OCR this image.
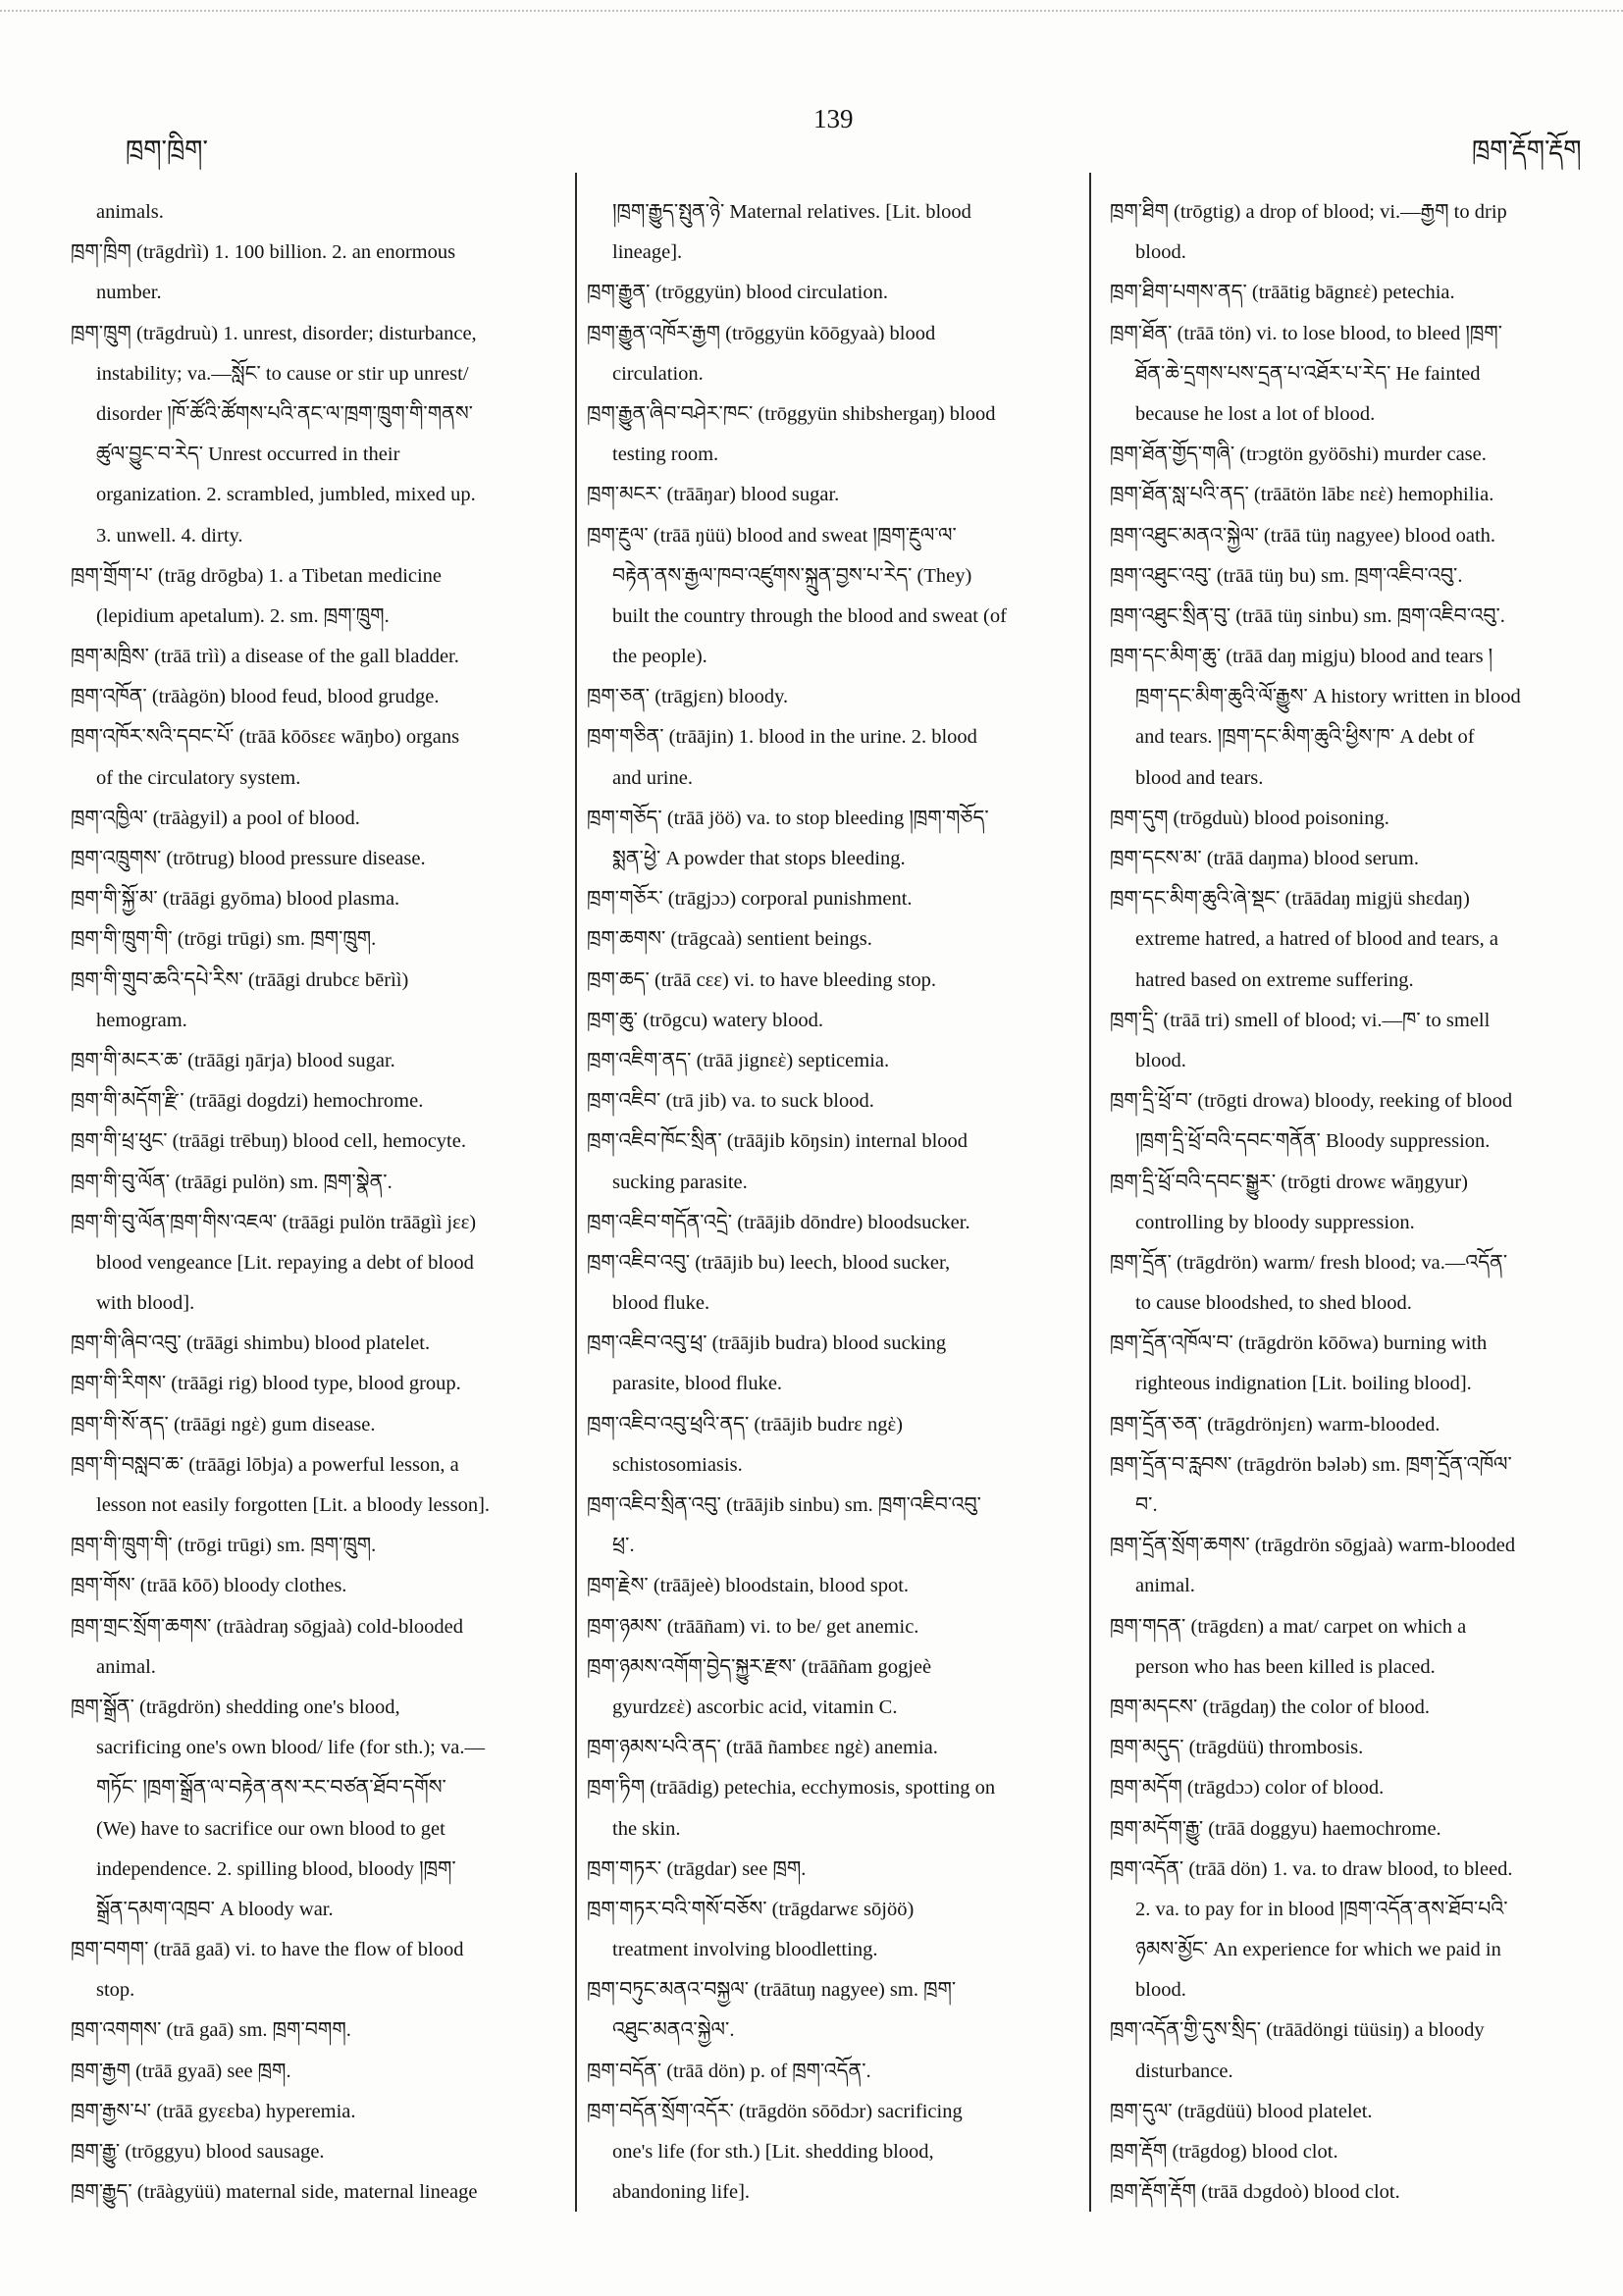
ཁྲག་ཁྲིག་
139
ཁྲག་རྡོག་རྡོག
animals.
ཁྲག་ཁྲིག (trāgdrìì) 1. 100 billion. 2. an enormous
number.
ཁྲག་ཁྲུག (trāgdruù) 1. unrest, disorder; disturbance,
instability; va.—སློང་ to cause or stir up unrest/
disorder །ཁོ་ཚོའི་ཚོགས་པའི་ནང་ལ་ཁྲག་ཁྲུག་གི་གནས་
ཚུལ་བྱུང་བ་རེད་ Unrest occurred in their
organization. 2. scrambled, jumbled, mixed up.
3. unwell. 4. dirty.
ཁྲག་གྲོག་པ་ (trāg drōgba) 1. a Tibetan medicine
(lepidium apetalum). 2. sm. ཁྲག་ཁྲུག.
ཁྲག་མཁྲིས་ (trāā trìì) a disease of the gall bladder.
ཁྲག་འཁོན་ (trāàgön) blood feud, blood grudge.
ཁྲག་འཁོར་སའི་དབང་པོ་ (trāā kōōsεε wāŋbo) organs
of the circulatory system.
ཁྲག་འཁྱིལ་ (trāàgyil) a pool of blood.
ཁྲག་འཁྲུགས་ (trōtrug) blood pressure disease.
ཁྲག་གི་སྐྱོ་མ་ (trāāgi gyōma) blood plasma.
ཁྲག་གི་ཁྲུག་གི་ (trōgi trūgi) sm. ཁྲག་ཁྲུག.
ཁྲག་གི་གྲུབ་ཆའི་དཔེ་རིས་ (trāāgi drubcε bērìì)
hemogram.
ཁྲག་གི་མངར་ཆ་ (trāāgi ŋārja) blood sugar.
ཁྲག་གི་མདོག་རྫི་ (trāāgi dogdzi) hemochrome.
ཁྲག་གི་ཕྲ་ཕུང་ (trāāgi trēbuŋ) blood cell, hemocyte.
ཁྲག་གི་བུ་ལོན་ (trāāgi pulön) sm. ཁྲག་སྣེན་.
ཁྲག་གི་བུ་ལོན་ཁྲག་གིས་འཇལ་ (trāāgi pulön trāāgìì jεε)
blood vengeance [Lit. repaying a debt of blood
with blood].
ཁྲག་གི་ཞིབ་འབུ་ (trāāgi shimbu) blood platelet.
ཁྲག་གི་རིགས་ (trāāgi rig) blood type, blood group.
ཁྲག་གི་སོ་ནད་ (trāāgi ngὲ) gum disease.
ཁྲག་གི་བསླབ་ཆ་ (trāāgi lōbja) a powerful lesson, a
lesson not easily forgotten [Lit. a bloody lesson].
ཁྲག་གི་ཁྲུག་གི་ (trōgi trūgi) sm. ཁྲག་ཁྲུག.
ཁྲག་གོས་ (trāā kōō) bloody clothes.
ཁྲག་གྲང་སྲོག་ཆགས་ (trāàdraŋ sōgjaà) cold-blooded
animal.
ཁྲག་སྒྲོན་ (trāgdrön) shedding one's blood,
sacrificing one's own blood/ life (for sth.); va.—
གཏོང་ །ཁྲག་སྒྲོན་ལ་བརྟེན་ནས་རང་བཙན་ཐོབ་དགོས་
(We) have to sacrifice our own blood to get
independence. 2. spilling blood, bloody །ཁྲག་
སྒྲོན་དམག་འཁྲབ་ A bloody war.
ཁྲག་བགག་ (trāā gaā) vi. to have the flow of blood
stop.
ཁྲག་འགགས་ (trā gaā) sm. ཁྲག་བགག.
ཁྲག་རྒྱག (trāā gyaā) see ཁྲག.
ཁྲག་རྒྱས་པ་ (trāā gyεεba) hyperemia.
ཁྲག་རྒྱུ་ (trōggyu) blood sausage.
ཁྲག་རྒྱུད་ (trāàgyüü) maternal side, maternal lineage
།ཁྲག་རྒྱུད་སྤུན་ཉེ་ Maternal relatives. [Lit. blood
lineage].
ཁྲག་རྒྱུན་ (trōggyün) blood circulation.
ཁྲག་རྒྱུན་འཁོར་རྒྱག (trōggyün kōōgyaà) blood
circulation.
ཁྲག་རྒྱུན་ཞིབ་བཤེར་ཁང་ (trōggyün shibshergaŋ) blood
testing room.
ཁྲག་མངར་ (trāāŋar) blood sugar.
ཁྲག་རྔུལ་ (trāā ŋüü) blood and sweat །ཁྲག་རྔུལ་ལ་
བརྟེན་ནས་རྒྱལ་ཁབ་འཛུགས་སྐྲུན་བྱས་པ་རེད་ (They)
built the country through the blood and sweat (of
the people).
ཁྲག་ཅན་ (trāgjεn) bloody.
ཁྲག་གཅིན་ (trāājin) 1. blood in the urine. 2. blood
and urine.
ཁྲག་གཅོད་ (trāā jöö) va. to stop bleeding །ཁྲག་གཅོད་
སྨན་ཕྱེ་ A powder that stops bleeding.
ཁྲག་གཅོར་ (trāgjɔɔ) corporal punishment.
ཁྲག་ཆགས་ (trāgcaà) sentient beings.
ཁྲག་ཆད་ (trāā cεε) vi. to have bleeding stop.
ཁྲག་ཆུ་ (trōgcu) watery blood.
ཁྲག་འཇིག་ནད་ (trāā jignεὲ) septicemia.
ཁྲག་འཇིབ་ (trā jib) va. to suck blood.
ཁྲག་འཇིབ་ཁོང་སྲིན་ (trāājib kōŋsin) internal blood
sucking parasite.
ཁྲག་འཇིབ་གདོན་འདྲེ་ (trāājib dōndre) bloodsucker.
ཁྲག་འཇིབ་འབུ་ (trāājib bu) leech, blood sucker,
blood fluke.
ཁྲག་འཇིབ་འབུ་ཕྲ་ (trāājib budra) blood sucking
parasite, blood fluke.
ཁྲག་འཇིབ་འབུ་ཕྲའི་ནད་ (trāājib budrε ngὲ)
schistosomiasis.
ཁྲག་འཇིབ་སྲིན་འབུ་ (trāājib sinbu) sm. ཁྲག་འཇིབ་འབུ་
ཕྲ་.
ཁྲག་རྗེས་ (trāājeè) bloodstain, blood spot.
ཁྲག་ཉམས་ (trāāñam) vi. to be/ get anemic.
ཁྲག་ཉམས་འགོག་བྱེད་སྐྱུར་རྫས་ (trāāñam gogjeè
gyurdzεὲ) ascorbic acid, vitamin C.
ཁྲག་ཉམས་པའི་ནད་ (trāā ñambεε ngὲ) anemia.
ཁྲག་ཏིག (trāādig) petechia, ecchymosis, spotting on
the skin.
ཁྲག་གཏར་ (trāgdar) see ཁྲག.
ཁྲག་གཏར་བའི་གསོ་བཅོས་ (trāgdarwε sōjöö)
treatment involving bloodletting.
ཁྲག་བཏུང་མནའ་བསྐྱལ་ (trāātuŋ nagyee) sm. ཁྲག་
འཐུང་མནའ་སྐྱེལ་.
ཁྲག་བདོན་ (trāā dön) p. of ཁྲག་འདོན་.
ཁྲག་བདོན་སྲོག་འདོར་ (trāgdön sōōdɔr) sacrificing
one's life (for sth.) [Lit. shedding blood,
abandoning life].
ཁྲག་ཐིག (trōgtig) a drop of blood; vi.—རྒྱག to drip
blood.
ཁྲག་ཐིག་པགས་ནད་ (trāātig bāgnεὲ) petechia.
ཁྲག་ཐོན་ (trāā tön) vi. to lose blood, to bleed །ཁྲག་
ཐོན་ཆེ་དྲགས་པས་དྲན་པ་འཐོར་པ་རེད་ He fainted
because he lost a lot of blood.
ཁྲག་ཐོན་གྱོད་གཞི་ (trɔgtön gyöōshi) murder case.
ཁྲག་ཐོན་སླ་པའི་ནད་ (trāātön lābε nεὲ) hemophilia.
ཁྲག་འཐུང་མནའ་སྐྱེལ་ (trāā tüŋ nagyee) blood oath.
ཁྲག་འཐུང་འབུ་ (trāā tüŋ bu) sm. ཁྲག་འཇིབ་འབུ་.
ཁྲག་འཐུང་སྲིན་བུ་ (trāā tüŋ sinbu) sm. ཁྲག་འཇིབ་འབུ་.
ཁྲག་དང་མིག་ཆུ་ (trāā daŋ migju) blood and tears །
ཁྲག་དང་མིག་ཆུའི་ལོ་རྒྱུས་ A history written in blood
and tears. །ཁྲག་དང་མིག་ཆུའི་ཕྱིས་ཁ་ A debt of
blood and tears.
ཁྲག་དུག (trōgduù) blood poisoning.
ཁྲག་དངས་མ་ (trāā daŋma) blood serum.
ཁྲག་དང་མིག་ཆུའི་ཞེ་སྡང་ (trāādaŋ migjü shεdaŋ)
extreme hatred, a hatred of blood and tears, a
hatred based on extreme suffering.
ཁྲག་དྲི་ (trāā tri) smell of blood; vi.—ཁ་ to smell
blood.
ཁྲག་དྲི་ཕྲོ་བ་ (trōgti drowa) bloody, reeking of blood
།ཁྲག་དྲི་ཕྲོ་བའི་དབང་གནོན་ Bloody suppression.
ཁྲག་དྲི་ཕྲོ་བའི་དབང་སྒྱུར་ (trōgti drowε wāŋgyur)
controlling by bloody suppression.
ཁྲག་དྲོན་ (trāgdrön) warm/ fresh blood; va.—འདོན་
to cause bloodshed, to shed blood.
ཁྲག་དྲོན་འཁོལ་བ་ (trāgdrön kōōwa) burning with
righteous indignation [Lit. boiling blood].
ཁྲག་དྲོན་ཅན་ (trāgdrönjεn) warm-blooded.
ཁྲག་དྲོན་བ་རླབས་ (trāgdrön bələb) sm. ཁྲག་དྲོན་འཁོལ་
བ་.
ཁྲག་དྲོན་སྲོག་ཆགས་ (trāgdrön sōgjaà) warm-blooded
animal.
ཁྲག་གདན་ (trāgdεn) a mat/ carpet on which a
person who has been killed is placed.
ཁྲག་མདངས་ (trāgdaŋ) the color of blood.
ཁྲག་མདུད་ (trāgdüü) thrombosis.
ཁྲག་མདོག (trāgdɔɔ) color of blood.
ཁྲག་མདོག་རྒྱུ་ (trāā doggyu) haemochrome.
ཁྲག་འདོན་ (trāā dön) 1. va. to draw blood, to bleed.
2. va. to pay for in blood །ཁྲག་འདོན་ནས་ཐོབ་པའི་
ཉམས་མྱོང་ An experience for which we paid in
blood.
ཁྲག་འདོན་གྱི་དུས་སྲིད་ (trāādöngi tüüsiŋ) a bloody
disturbance.
ཁྲག་དུལ་ (trāgdüü) blood platelet.
ཁྲག་རྡོག (trāgdog) blood clot.
ཁྲག་རྡོག་རྡོག (trāā dɔgdoò) blood clot.
